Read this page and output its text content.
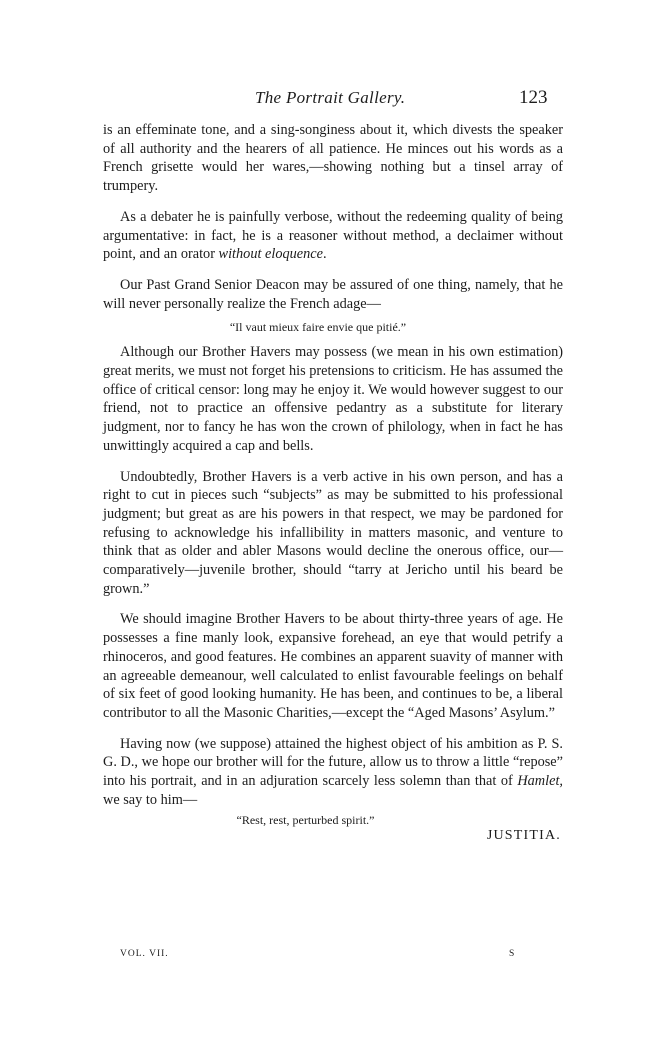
The Portrait Gallery.	123

is an effeminate tone, and a sing-songiness about it, which divests the speaker of all authority and the hearers of all patience. He minces out his words as a French grisette would her wares,—showing nothing but a tinsel array of trumpery.

As a debater he is painfully verbose, without the redeeming quality of being argumentative: in fact, he is a reasoner without method, a declaimer without point, and an orator without eloquence.

Our Past Grand Senior Deacon may be assured of one thing, namely, that he will never personally realize the French adage—

“Il vaut mieux faire envie que pitié.”

Although our Brother Havers may possess (we mean in his own estimation) great merits, we must not forget his pretensions to criticism. He has assumed the office of critical censor: long may he enjoy it. We would however suggest to our friend, not to practice an offensive pedantry as a substitute for literary judgment, nor to fancy he has won the crown of philology, when in fact he has unwittingly acquired a cap and bells.

Undoubtedly, Brother Havers is a verb active in his own person, and has a right to cut in pieces such “subjects” as may be submitted to his professional judgment; but great as are his powers in that respect, we may be pardoned for refusing to acknowledge his infallibility in matters masonic, and venture to think that as older and abler Masons would decline the onerous office, our—comparatively—juvenile brother, should “tarry at Jericho until his beard be grown.”

We should imagine Brother Havers to be about thirty-three years of age. He possesses a fine manly look, expansive forehead, an eye that would petrify a rhinoceros, and good features. He combines an apparent suavity of manner with an agreeable demeanour, well calculated to enlist favourable feelings on behalf of six feet of good looking humanity. He has been, and continues to be, a liberal contributor to all the Masonic Charities,—except the “Aged Masons’ Asylum.”

Having now (we suppose) attained the highest object of his ambition as P. S. G. D., we hope our brother will for the future, allow us to throw a little “repose” into his portrait, and in an adjuration scarcely less solemn than that of Hamlet, we say to him—

“Rest, rest, perturbed spirit.”
JUSTITIA.
VOL. VII.	S
